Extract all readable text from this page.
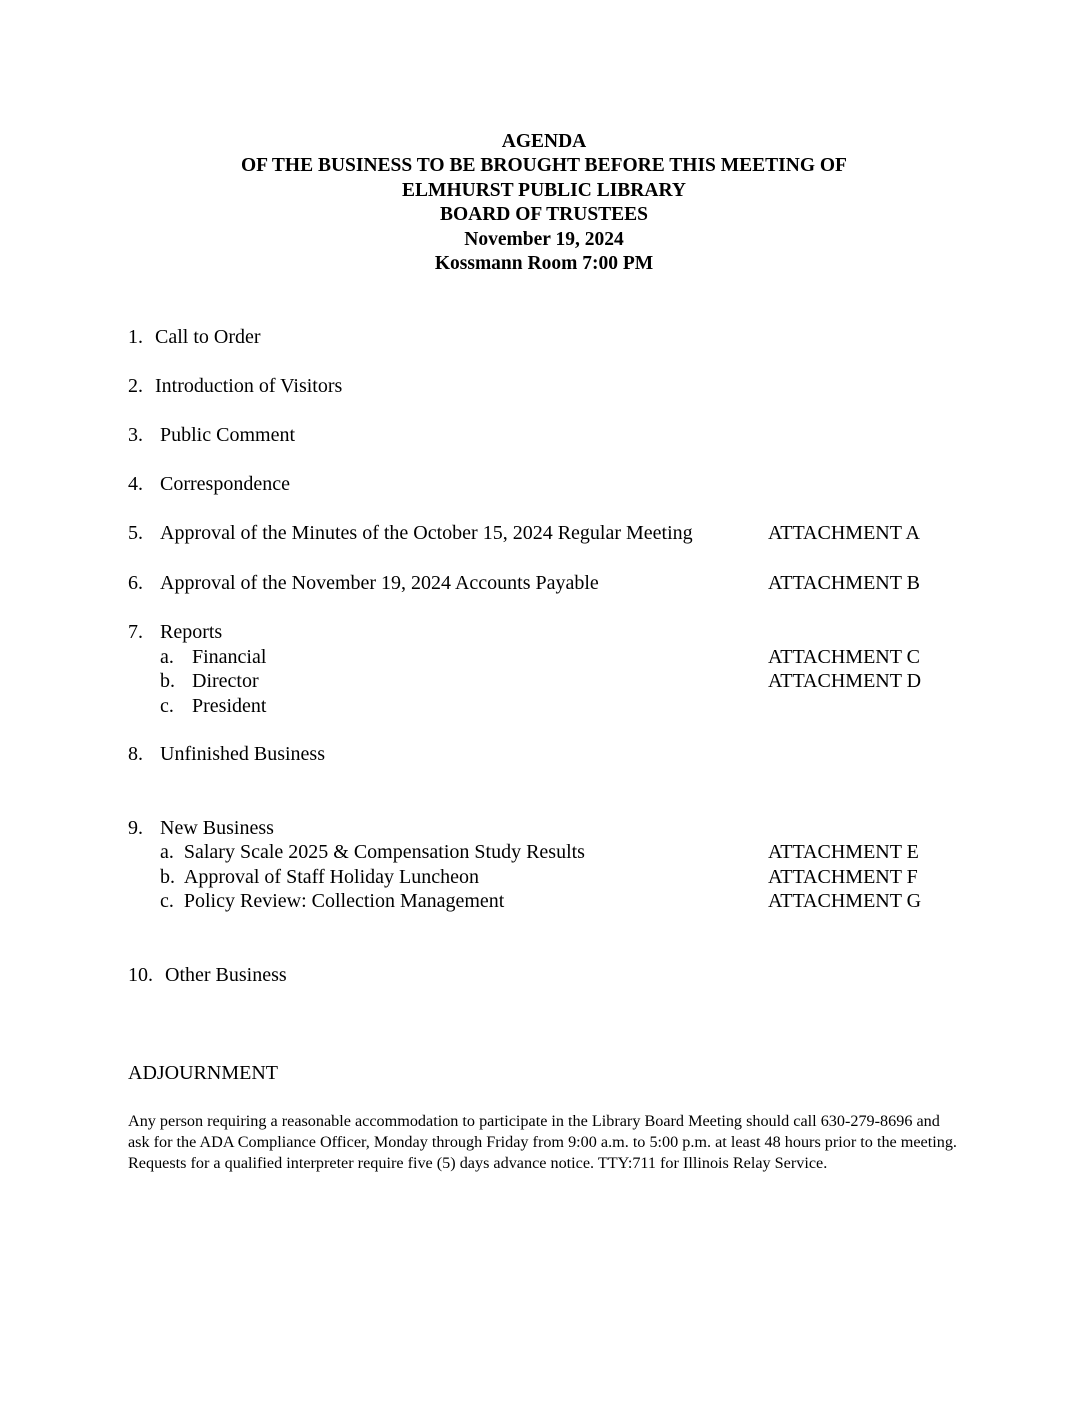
AGENDA
OF THE BUSINESS TO BE BROUGHT BEFORE THIS MEETING OF
ELMHURST PUBLIC LIBRARY
BOARD OF TRUSTEES
November 19, 2024
Kossmann Room 7:00 PM
1. Call to Order
2. Introduction of Visitors
3. Public Comment
4. Correspondence
5. Approval of the Minutes of the October 15, 2024 Regular Meeting	ATTACHMENT A
6. Approval of the November 19, 2024 Accounts Payable	ATTACHMENT B
7. Reports
a. Financial	ATTACHMENT C
b. Director	ATTACHMENT D
c. President
8. Unfinished Business
9. New Business
a.  Salary Scale 2025 & Compensation Study Results	ATTACHMENT E
b.  Approval of Staff Holiday Luncheon	ATTACHMENT F
c.  Policy Review: Collection Management	ATTACHMENT G
10. Other Business
ADJOURNMENT
Any person requiring a reasonable accommodation to participate in the Library Board Meeting should call 630-279-8696 and ask for the ADA Compliance Officer, Monday through Friday from 9:00 a.m. to 5:00 p.m. at least 48 hours prior to the meeting. Requests for a qualified interpreter require five (5) days advance notice. TTY:711 for Illinois Relay Service.
